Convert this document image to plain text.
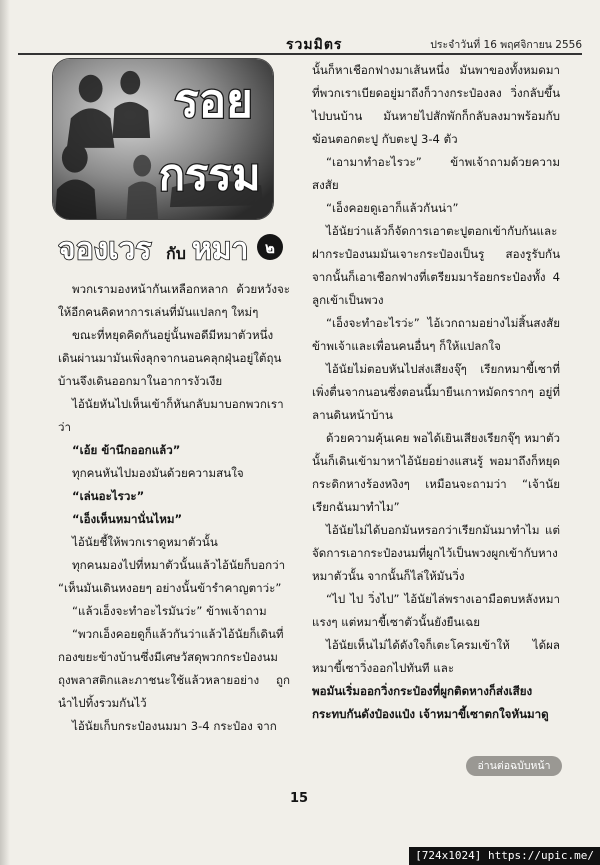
รวมมิตร	ประจำวันที่ 16 พฤศจิกายน 2556
รอย
กรรม
จองเวร กับ หมา ๒

พวกเรามองหน้ากันเหลือกหลาก ด้วยหวังจะให้อีกคนคิดหาการเล่นที่มันแปลกๆ ใหม่ๆ

ขณะที่หยุดคิดกันอยู่นั้นพอดีมีหมาตัวหนึ่งเดินผ่านมามันเพิ่งลุกจากนอนคลุกฝุ่นอยู่ใต้ถุนบ้านจึงเดินออกมาในอาการงัวเงีย

ไอ้นัยหันไปเห็นเข้าก็หันกลับมาบอกพวกเราว่า

“เอ้ย ข้านึกออกแล้ว”

ทุกคนหันไปมองมันด้วยความสนใจ

“เล่นอะไรวะ”

“เอ็งเห็นหมานั่นไหม”

ไอ้นัยชี้ให้พวกเราดูหมาตัวนั้น

ทุกคนมองไปที่หมาตัวนั้นแล้วไอ้นัยก็บอกว่า “เห็นมันเดินหงอยๆ อย่างนั้นข้ารำคาญตาว่ะ”

“แล้วเอ็งจะทำอะไรมันว่ะ” ข้าพเจ้าถาม

“พวกเอ็งคอยดูก็แล้วกันว่าแล้วไอ้นัยก็เดินที่กองขยะข้างบ้านซึ่งมีเศษวัสดุพวกกระป๋องนมถุงพลาสติกและภาชนะใช้แล้วหลายอย่าง ถูกนำไปทิ้งรวมกันไว้

ไอ้นัยเก็บกระป๋องนมมา 3-4 กระป๋อง จาก

นั้นก็หาเชือกฟางมาเส้นหนึ่ง มันพาของทั้งหมดมาที่พวกเราเบียดอยู่มาถึงก็วางกระป๋องลง วิ่งกลับขึ้นไปบนบ้าน มันหายไปสักพักก็กลับลงมาพร้อมกับฆ้อนตอกตะปู กับตะปู 3-4 ตัว

“เอามาทำอะไรวะ” ข้าพเจ้าถามด้วยความสงสัย

“เอ็งคอยดูเอาก็แล้วกันน่า”

ไอ้นัยว่าแล้วก็จัดการเอาตะปูตอกเข้ากับก้นและฝากระป๋องนมมันเจาะกระป๋องเป็นรู สองรูรับกัน จากนั้นก็เอาเชือกฟางที่เตรียมมาร้อยกระป๋องทั้ง 4 ลูกเข้าเป็นพวง

“เอ็งจะทำอะไรว่ะ” ไอ้เวกถามอย่างไม่สิ้นสงสัย ข้าพเจ้าและเพื่อนคนอื่นๆ ก็ให้แปลกใจ

ไอ้นัยไม่ตอบหันไปส่งเสียงจุ๊ๆ เรียกหมาขี้เซาที่เพิ่งตื่นจากนอนซึ่งตอนนี้มายืนเกาหมัดกรากๆ อยู่ที่ลานดินหน้าบ้าน

ด้วยความคุ้นเคย พอได้เยินเสียงเรียกจุ๊ๆ หมาตัวนั้นก็เดินเข้ามาหาไอ้นัยอย่างแสนรู้ พอมาถึงก็หยุดกระดิกหางร้องหงิงๆ เหมือนจะถามว่า “เจ้านัยเรียกฉันมาทำไม”

ไอ้นัยไม่ได้บอกมันหรอกว่าเรียกมันมาทำไม แต่จัดการเอากระป๋องนมที่ผูกไว้เป็นพวงผูกเข้ากับหางหมาตัวนั้น จากนั้นก็ไล่ให้มันวิ่ง

“ไป ไป วิ่งไป” ไอ้นัยไล่พรางเอามือตบหลังหมาแรงๆ แต่หมาขี้เซาตัวนั้นยังยืนเฉย

ไอ้นัยเห็นไม่ได้ดังใจก็เตะโครมเข้าให้ ได้ผลหมาขี้เซาวิ่งออกไปทันที และ

พอมันเริ่มออกวิ่งกระป๋องที่ผูกติดหางก็ส่งเสียงกระทบกันดังป๋องแป๋ง เจ้าหมาขี้เซาตกใจหันมาดู

อ่านต่อฉบับหน้า
15
[724x1024] https://upic.me/
